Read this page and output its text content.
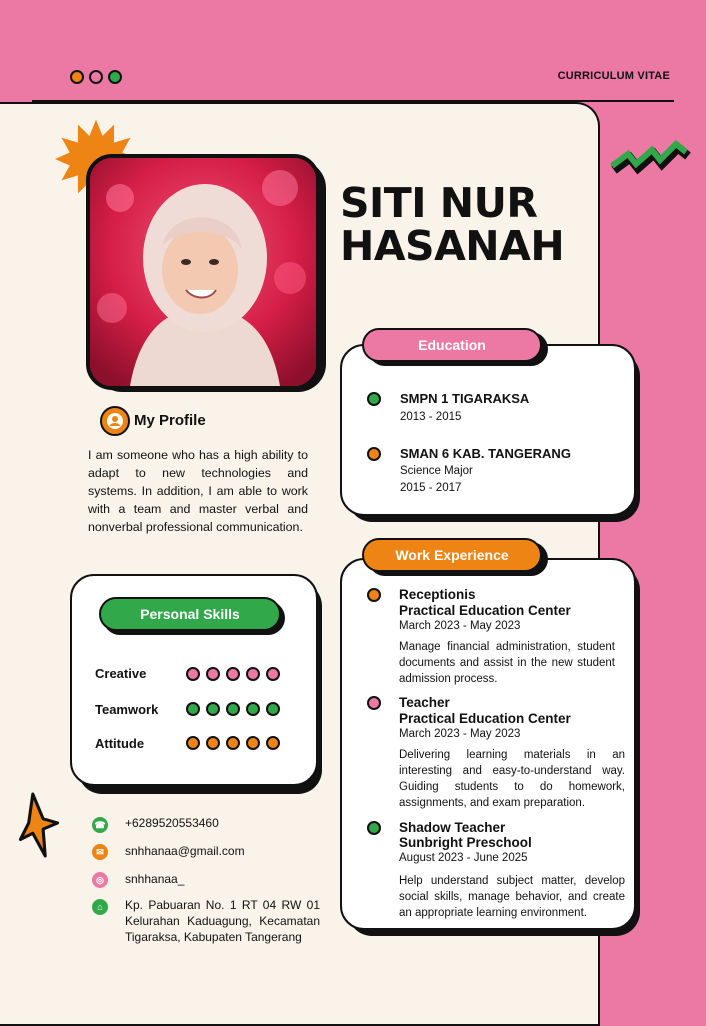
CURRICULUM VITAE
SITI NUR
HASANAH
My Profile
I am someone who has a high ability to adapt to new technologies and systems. In addition, I am able to work with a team and master verbal and nonverbal professional communication.
Personal Skills
Creative
Teamwork
Attitude
☎ +6289520553460
✉	snhhanaa@gmail.com
◎	snhhanaa_
⌂	Kp. Pabuaran No. 1 RT 04 RW 01 Kelurahan Kaduagung, Kecamatan Tigaraksa, Kabupaten Tangerang
Education
SMPN 1 TIGARAKSA
2013 - 2015
SMAN 6 KAB. TANGERANG
Science Major
2015 - 2017
Work Experience
Receptionis
Practical Education Center
March 2023 - May 2023
Manage financial administration, student documents and assist in the new student admission process.
Teacher
Practical Education Center
March 2023 - May 2023
Delivering learning materials in an interesting and easy-to-understand way. Guiding students to do homework, assignments, and exam preparation.
Shadow Teacher
Sunbright Preschool
August 2023 - June 2025
Help understand subject matter, develop social skills, manage behavior, and create an appropriate learning environment.
